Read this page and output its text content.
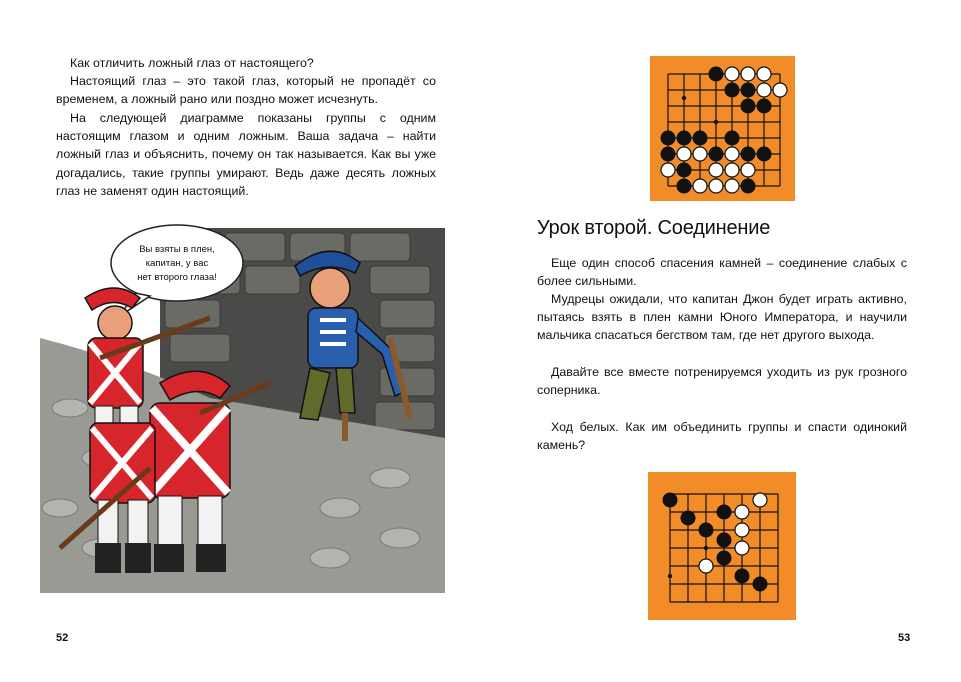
Как отличить ложный глаз от настоящего?

Настоящий глаз – это такой глаз, который не пропадёт со временем, а ложный рано или поздно может исчезнуть.

На следующей диаграмме показаны группы с одним настоящим глазом и одним ложным. Ваша задача – найти ложный глаз и объяснить, почему он так называется. Как вы уже догадались, такие группы умирают. Ведь даже десять ложных глаз не заменят один настоящий.

Вы взяты в плен,
капитан, у вас
нет второго глаза!
52
Урок второй. Соединение

Еще один способ спасения камней – соединение слабых с более сильными.

Мудрецы ожидали, что капитан Джон будет играть активно, пытаясь взять в плен камни Юного Императора, и научили мальчика спасаться бегством там, где нет другого выхода.

Давайте все вместе потренируемся уходить из рук грозного соперника.

Ход белых. Как им объединить группы и спасти одинокий камень?

53
